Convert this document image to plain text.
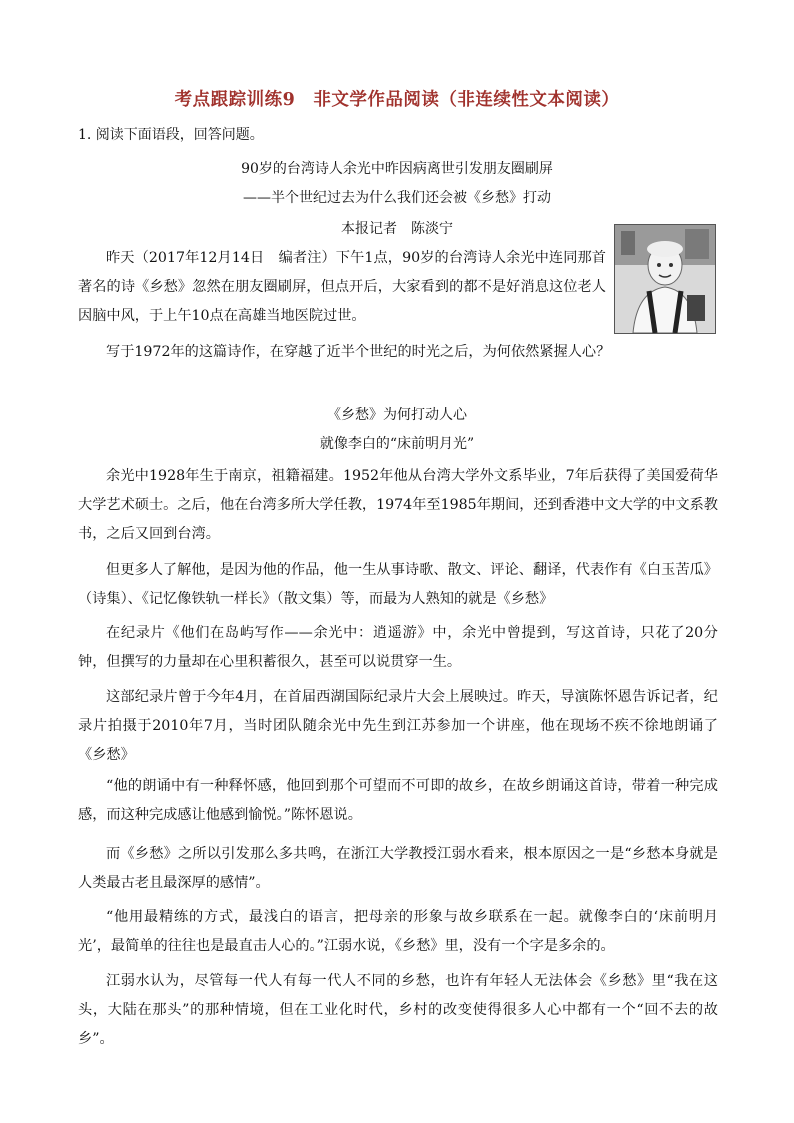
考点跟踪训练9　非文学作品阅读（非连续性文本阅读）
1. 阅读下面语段，回答问题。
90岁的台湾诗人余光中昨因病离世引发朋友圈刷屏
——半个世纪过去为什么我们还会被《乡愁》打动
本报记者　陈淡宁
昨天（2017年12月14日　编者注）下午1点，90岁的台湾诗人余光中连同那首著名的诗《乡愁》忽然在朋友圈刷屏，但点开后，大家看到的都不是好消息这位老人因脑中风，于上午10点在高雄当地医院过世。
写于1972年的这篇诗作，在穿越了近半个世纪的时光之后，为何依然紧握人心？
《乡愁》为何打动人心
就像李白的“床前明月光”
余光中1928年生于南京，祖籍福建。1952年他从台湾大学外文系毕业，7年后获得了美国爱荷华大学艺术硕士。之后，他在台湾多所大学任教，1974年至1985年期间，还到香港中文大学的中文系教书，之后又回到台湾。
但更多人了解他，是因为他的作品，他一生从事诗歌、散文、评论、翻译，代表作有《白玉苦瓜》（诗集）、《记忆像铁轨一样长》（散文集）等，而最为人熟知的就是《乡愁》
在纪录片《他们在岛屿写作——余光中：逍遥游》中，余光中曾提到，写这首诗，只花了20分钟，但撰写的力量却在心里积蓄很久，甚至可以说贯穿一生。
这部纪录片曾于今年4月，在首届西湖国际纪录片大会上展映过。昨天，导演陈怀恩告诉记者，纪录片拍摄于2010年7月，当时团队随余光中先生到江苏参加一个讲座，他在现场不疾不徐地朗诵了《乡愁》
“他的朗诵中有一种释怀感，他回到那个可望而不可即的故乡，在故乡朗诵这首诗，带着一种完成感，而这种完成感让他感到愉悦。”陈怀恩说。
而《乡愁》之所以引发那么多共鸣，在浙江大学教授江弱水看来，根本原因之一是“乡愁本身就是人类最古老且最深厚的感情”。
“他用最精练的方式，最浅白的语言，把母亲的形象与故乡联系在一起。就像李白的‘床前明月光’，最简单的往往也是最直击人心的。”江弱水说，《乡愁》里，没有一个字是多余的。
江弱水认为，尽管每一代人有每一代人不同的乡愁，也许有年轻人无法体会《乡愁》里“我在这头，大陆在那头”的那种情境，但在工业化时代，乡村的改变使得很多人心中都有一个“回不去的故乡”。
